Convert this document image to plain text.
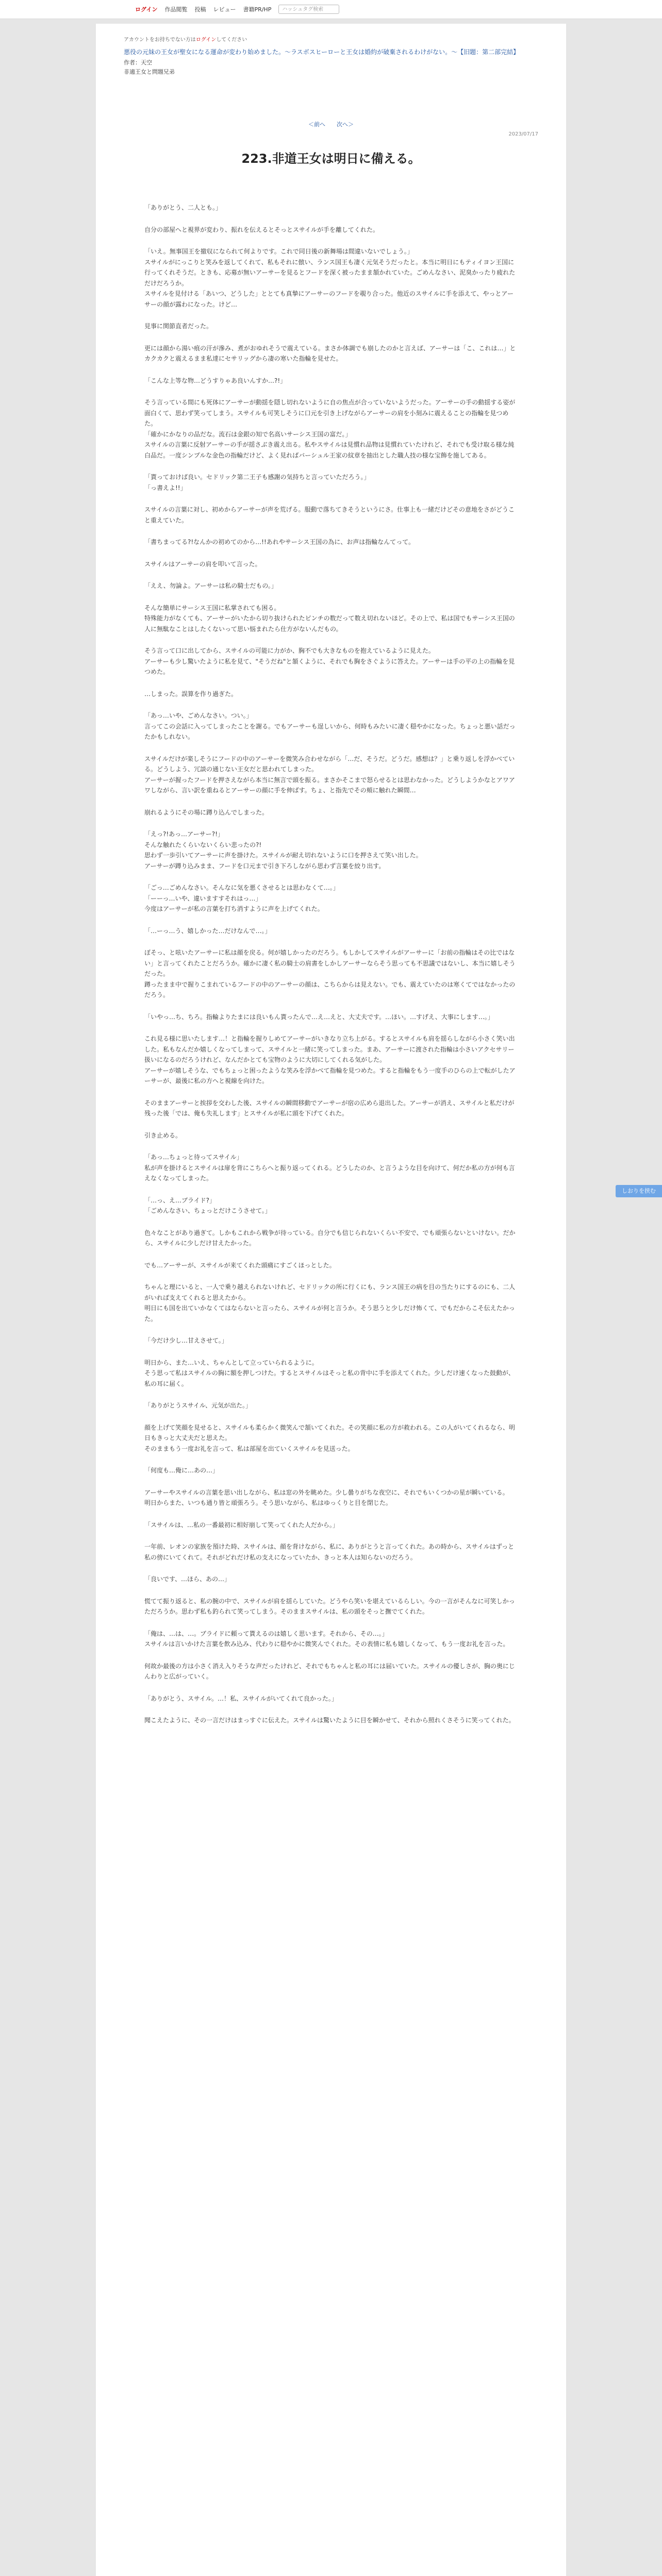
ログイン 作品閲覧 投稿 レビュー 書籍PR/HP	ハッシュタグ検索
アカウントをお持ちでない方はログインしてください
悪役の元妹の王女が聖女になる運命が変わり始めました。～ラスボスヒーローと王女は婚約が破棄されるわけがない。～【旧題：第二部完結】
作者：天空
非適王女と問題兄弟
＜前へ　　次へ＞
2023/07/17
223.非道王女は明日に備える。

「ありがとう、二人とも。」

自分の部屋へと視界が変わり、振れを伝えるとそっとスサイルが手を離してくれた。

「いえ。無事国王を撤収になられて何よりです。これで同日後の新舞場は間違いないでしょう。」
スサイルがにっこりと笑みを返してくれて、私もそれに倣い、ランス国王も凄く元気そうだったと。本当に明日にもティイヨン王国に行ってくれそうだ。ときも、応募が無いアーサーを見るとフードを深く被ったまま頷かれていた。ごめんなさい、泥臭かったり疲れただけだろうか。
スサイルを見付ける「あいつ、どうした」ととても真摯にアーサーのフードを覗り合った。他近のスサイルに手を添えて、やっとアーサーの顔が露わになった。けど…

見事に関節直者だった。

更には顔から湯い痕の汗が滲み、煮がおゆれそうで震えている。まさか体調でも崩したのかと言えば、アーサーは「こ、これは…」とカクカクと震えるまま私達にセサリッグから凄の寒いた指輪を見せた。

「こんな上等な物…どうすりゃあ良いんすか…?!」

そう言っている間にも死体にアーサーが動揺を隠し切れないように自の焦点が合っていないようだった。アーサーの手の動揺する姿が面白くて、思わず笑ってしまう。スサイルも可笑しそうに口元を引き上げながらアーサーの肩を小刻みに震えることの指輪を見つめた。
「確かにかなりの品だな。流石は金銀の知で名高いサーシス王国の富だ。」
スサイルの言葉に反射アーサーの手が揺さぶき震え出る。私やスサイルは見慣れ品物は見慣れていたけれど、それでも受け取る様な純白品だ。一度シンプルな金色の指輪だけど、よく見ればバーシュル王家の紋章を抽出とした職人技の様な宝飾を施してある。

「貰っておけば良い。セドリック第二王子も感謝の気持ちと言っていただろう。」
「っ書えよ!!」

スサイルの言葉に対し、初めからアーサーが声を荒げる。服動で落ちてきそうというにさ。仕事上も一緒だけどその意地をさがどうこと重えていた。

「書ちまってる?!なんかの初めてのから…!!あれやサーシス王国の為に、お声は指輪なんてって。

スサイルはアーサーの肩を叩いて言った。

「ええ、勿論よ。アーサーは私の騎士だもの。」

そんな簡単にサーシス王国に私掌されても困る。
特殊能力がなくても、アーサーがいたから切り抜けられたピンチの数だって数え切れないほど。その上で、私は国でもサーシス王国の人に無駄なことはしたくないって思い悩まれたら仕方がないんだもの。

そう言って口に出してから、スサイルの可能に力がか、胸不でも大きなものを抱えているように見えた。
アーサーも少し驚いたように私を見て、"そうだね"と頷くように、それでも胸をさぐように答えた。アーサーは手の平の上の指輪を見つめた。

…しまった。誤算を作り過ぎた。

「あっ…いや、ごめんなさい。つい。」
言ってこの会話に入ってしまったことを謝る。でもアーサーも逞しいから、何時もみたいに凄く穏やかになった。ちょっと悪い話だったかもしれない。

スサイルだけが楽しそうにフードの中のアーサーを微笑み合わせながら「…だ、そうだ。どうだ。感想は？」と乗り返しを浮かべている。どうしよう、冗談の通じない王女だと思われてしまった。
アーサーが握ったフードを押さえながら本当に無言で頭を振る。まさかそこまで怒らせるとは思わなかった。どうしようかなとアワアワしながら、言い訳を重ねるとアーサーの顔に手を伸ばす。ちょ、と指先でその頬に触れた瞬間…

崩れるようにその場に蹲り込んでしまった。

「えっ?!あっ…アーサー?!」
そんな触れたくらいないくらい悲ったの?!
思わず一歩引いてアーサーに声を掛けた。スサイルが耐え切れないように口を押さえて笑い出した。
アーサーが蹲り込みまま、フードを口元まで引き下ろしながら思わず言葉を絞り出す。

「ごっ…ごめんなさい。そんなに気を悪くさせるとは思わなくて…。」
「ーーっ…いや、違いますすそれはっ…」
今度はアーサーが私の言葉を打ち消すように声を上げてくれた。

「…ーっ…う、嬉しかった…だけなんで…。」

ぼそっ、と呟いたアーサーに私は顔を戻る。何が嬉しかったのだろう。もしかしてスサイルがアーサーに「お前の指輪はその比ではない」と言ってくれたことだろうか。確かに凄く私の騎士の肩書をしかしアーサーならそう思っても不思議ではないし、本当に嬉しそうだった。
蹲ったまま中で握りこまれているフードの中のアーサーの顔は、こちらからは見えない。でも、震えていたのは寒くてではなかったのだろう。

「いやっ…ち、ちろ。指輪よりたまには良いもん貰ったんで…え…えと、大丈夫です。…ほい。…すげえ、大事にします…。」

これ見る様に思いたします…！と指輪を握りしめてアーサーがいきなり立ち上がる。するとスサイルも肩を揺らしながら小さく笑い出した。私もなんだか嬉しくなってしまって、スサイルと一緒に笑ってしまった。まあ、アーサーに渡された指輪は小さいアクセサリー扱いになるのだろうけれど、なんだかとても宝物のように大切にしてくれる気がした。
アーサーが嬉しそうな、でもちょっと困ったような笑みを浮かべて指輪を見つめた。すると指輪をもう一度手のひらの上で転がしたアーサーが、最後に私の方へと視線を向けた。

そのままアーサーと挨拶を交わした後、スサイルの瞬間移動でアーサーが宿の広めら退出した。アーサーが消え、スサイルと私だけが残った後「では、俺も失礼します」とスサイルが私に頭を下げてくれた。

引き止める。

「あっ…ちょっと待ってスサイル」
私が声を掛けるとスサイルは扉を背にこちらへと振り返ってくれる。どうしたのか、と言うような目を向けて、何だか私の方が何も言えなくなってしまった。

「…っ、え…ブライド?」
「ごめんなさい、ちょっとだけこうさせて。」

色々なことがあり過ぎて。しかもこれから戦争が待っている。自分でも信じられないくらい不安で、でも頑張らないといけない。だから、スサイルに少しだけ甘えたかった。

でも…アーサーが、スサイルが来てくれた頭痛にすごくほっとした。

ちゃんと理にいると、一人で乗り越えられないけれど、セドリックの所に行くにも、ランス国王の病を目の当たりにするのにも、二人がいれば支えてくれると思えたから。
明日にも国を出ていかなくてはならないと言ったら、スサイルが何と言うか。そう思うと少しだけ怖くて、でもだからこそ伝えたかった。

「今だけ少し…甘えさせて。」

明日から、また…いえ、ちゃんとして立っていられるように。
そう思って私はスサイルの胸に額を押しつけた。するとスサイルはそっと私の背中に手を添えてくれた。少しだけ速くなった鼓動が、私の耳に届く。

「ありがとうスサイル、元気が出た。」

顔を上げて笑顔を見せると、スサイルも柔らかく微笑んで頷いてくれた。その笑顔に私の方が救われる。この人がいてくれるなら、明日もきっと大丈夫だと思えた。
そのままもう一度お礼を言って、私は部屋を出ていくスサイルを見送った。

「何度も…俺に…あの…」

アーサーやスサイルの言葉を思い出しながら、私は窓の外を眺めた。少し曇りがちな夜空に、それでもいくつかの星が瞬いている。
明日からまた、いつも通り皆と頑張ろう。そう思いながら、私はゆっくりと目を閉じた。

「スサイルは、…私の一番最初に相好崩して笑ってくれた人だから。」

一年前、レオンの家族を預けた時、スサイルは、顔を背けながら、私に、ありがとうと言ってくれた。あの時から、スサイルはずっと私の傍にいてくれて。それがどれだけ私の支えになっていたか、きっと本人は知らないのだろう。

「良いです、…ほら、あの…」

慌てて振り返ると、私の腕の中で、スサイルが肩を揺らしていた。どうやら笑いを堪えているらしい。今の一言がそんなに可笑しかっただろうか。思わず私も釣られて笑ってしまう。そのままスサイルは、私の頭をそっと撫でてくれた。

「俺は、…は、…。ブライドに頼って貰えるのは嬉しく思います。それから、その…。」
スサイルは言いかけた言葉を飲み込み、代わりに穏やかに微笑んでくれた。その表情に私も嬉しくなって、もう一度お礼を言った。

何故か最後の方は小さく消え入りそうな声だったけれど、それでもちゃんと私の耳には届いていた。スサイルの優しさが、胸の奥にじんわりと広がっていく。

「ありがとう、スサイル。…！私、スサイルがいてくれて良かった。」

聞こえたように、その一言だけはまっすぐに伝えた。スサイルは驚いたように目を瞬かせて、それから照れくさそうに笑ってくれた。

しおりを挟む
